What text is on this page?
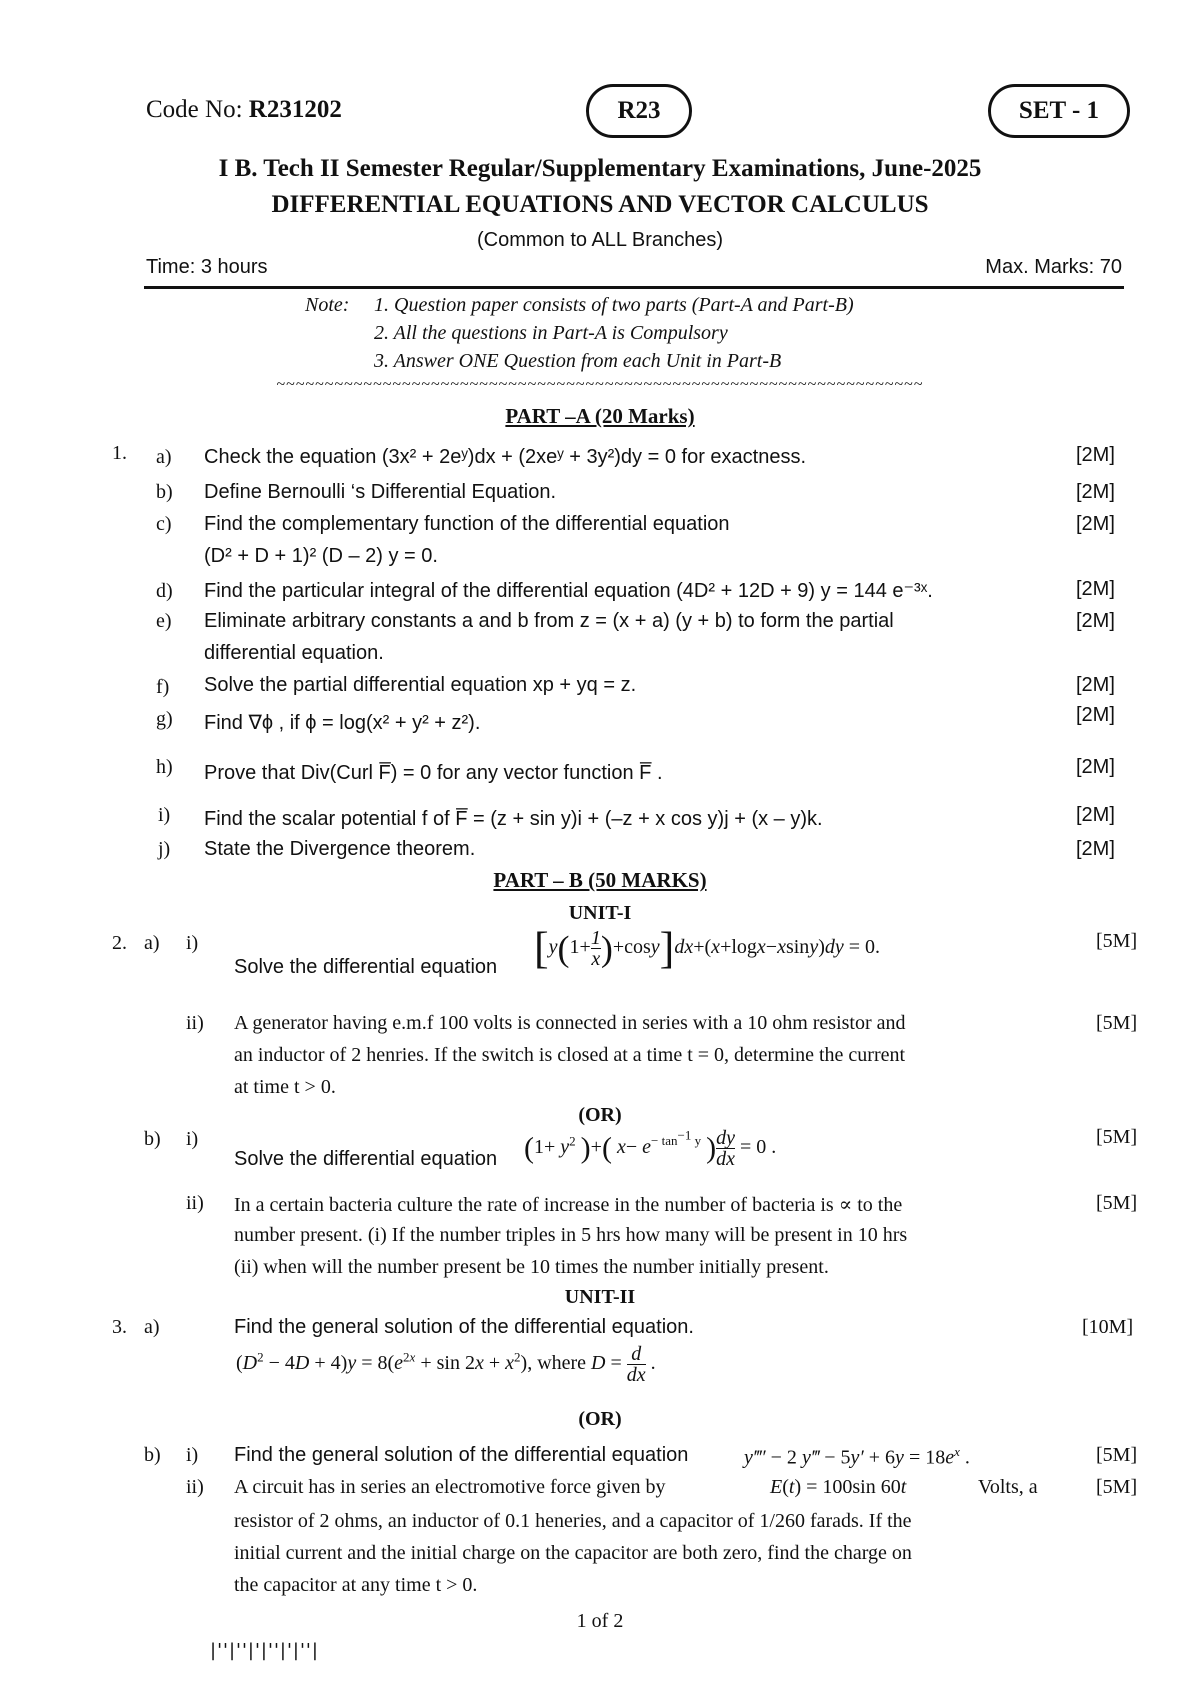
Code No: R231202	R23	SET - 1
I B. Tech II Semester Regular/Supplementary Examinations, June-2025
DIFFERENTIAL EQUATIONS AND VECTOR CALCULUS
(Common to ALL Branches)
Time: 3 hours	Max. Marks: 70
Note: 1. Question paper consists of two parts (Part-A and Part-B)
2. All the questions in Part-A is Compulsory
3. Answer ONE Question from each Unit in Part-B
~~~~~~~~~~~~~~~~~~~~~~~~~~~~~~~~~~~~~~~~~~~~~~~~~~~~~~~~~~~~~~~~~~~
PART –A (20 Marks)
1. a) Check the equation (3x² + 2eʸ)dx + (2xeʸ + 3y²)dy = 0 for exactness.	[2M]
b) Define Bernoulli ‘s Differential Equation.	[2M]
c) Find the complementary function of the differential equation
(D² + D + 1)² (D – 2) y = 0.
[2M]
d) Find the particular integral of the differential equation (4D² + 12D + 9) y = 144 e⁻³ˣ.	[2M]
e) Eliminate arbitrary constants a and b from z = (x + a) (y + b) to form the partial
differential equation.
[2M]
f) Solve the partial differential equation xp + yq = z.	[2M]
g) Find ∇ϕ , if ϕ = log(x² + y² + z²).	[2M]
h) Prove that Div(Curl F̅) = 0 for any vector function F̅ .	[2M]
i) Find the scalar potential f of F̅ = (z + sin y)i + (–z + x cos y)j + (x – y)k.	[2M]
j) State the Divergence theorem.	[2M]
PART – B (50 MARKS)
UNIT-I
2. a) i)
Solve the differential equation $[y(1+ \frac{1}{x} )+\cos y]dx+(x+\log x-xsiny)dy = 0$.	[5M]
ii) A generator having e.m.f 100 volts is connected in series with a 10 ohm resistor and
an inductor of 2 henries. If the switch is closed at a time t = 0, determine the current
at time t > 0.
[5M]
(OR)
b) i)
Solve the differential equation ($1+ y^2$ )+( $x- e^{- tan^{-1} y}$ ) $\frac{dy}{dx} = 0$ .	[5M]
ii) In a certain bacteria culture the rate of increase in the number of bacteria is ∝ to the
number present. (i) If the number triples in 5 hrs how many will be present in 10 hrs
(ii) when will the number present be 10 times the number initially present.
[5M]
UNIT-II
3. a)	Find the general solution of the differential equation.	[10M]
$(D^2 - 4D + 4)y = 8(e^{2x} + \sin 2x + x^2)$, where $D = \frac{d}{dx}$ .
(OR)
b) i) Find the general solution of the differential equation	y‴′ − 2 y‴ − $5y' + 6y = 18e^x$ .	[5M]
ii) A circuit has in series an electromotive force given by	E(t) = 100sin 60t	Volts, a
resistor of 2 ohms, an inductor of 0.1 heneries, and a capacitor of 1/260 farads. If the
initial current and the initial charge on the capacitor are both zero, find the charge on
the capacitor at any time t > 0.
[5M]
1 of 2
|''|''|'|''|'|''|
